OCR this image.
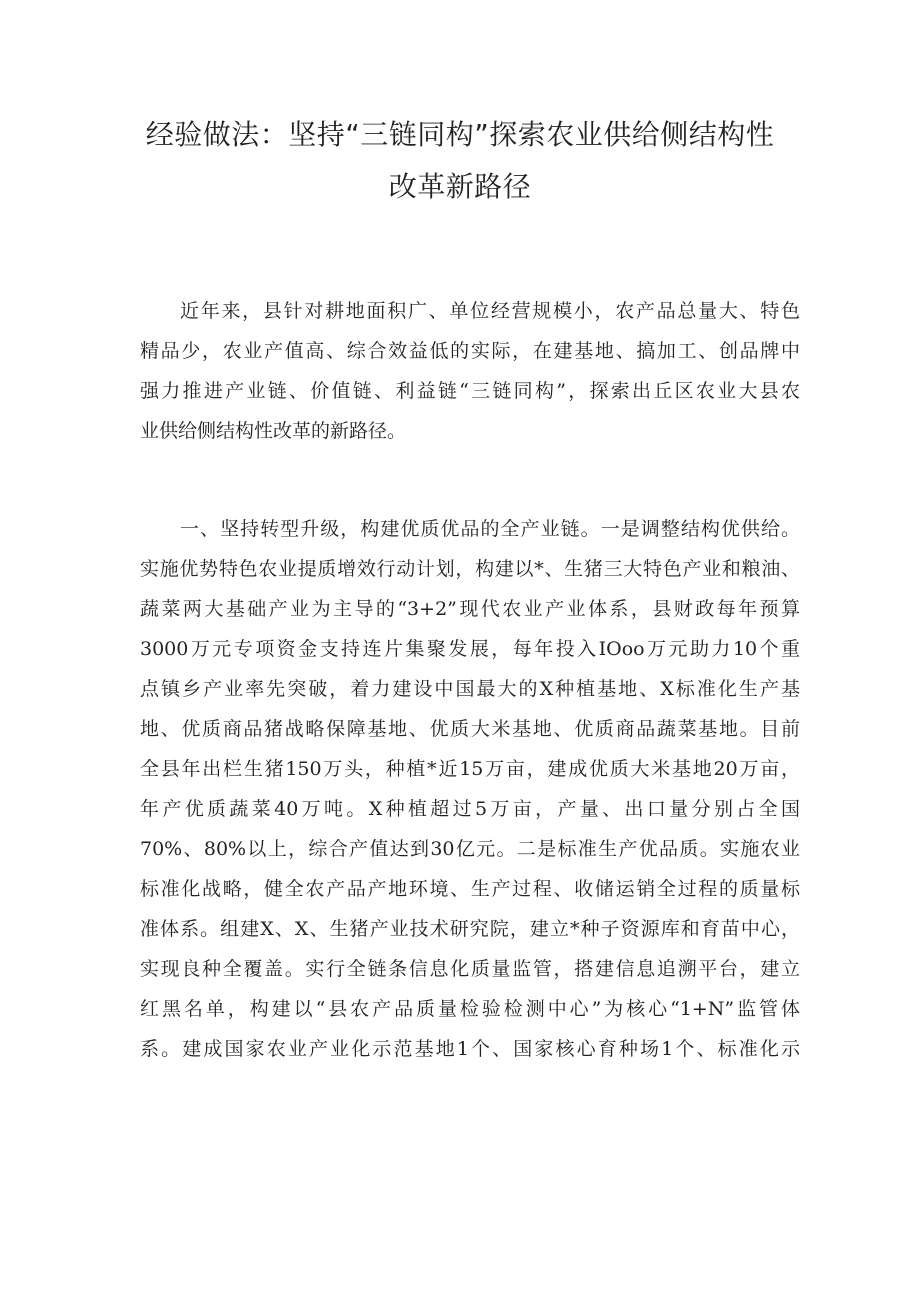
经验做法：坚持“三链同构”探索农业供给侧结构性
改革新路径
近年来，县针对耕地面积广、单位经营规模小，农产品总量大、特色
精品少，农业产值高、综合效益低的实际，在建基地、搞加工、创品牌中
强力推进产业链、价值链、利益链“三链同构”，探索出丘区农业大县农
业供给侧结构性改革的新路径。
一、坚持转型升级，构建优质优品的全产业链。一是调整结构优供给。
实施优势特色农业提质增效行动计划，构建以*、生猪三大特色产业和粮油、
蔬菜两大基础产业为主导的“3+2”现代农业产业体系，县财政每年预算
3000万元专项资金支持连片集聚发展，每年投入IOoo万元助力10个重
点镇乡产业率先突破，着力建设中国最大的X种植基地、X标准化生产基
地、优质商品猪战略保障基地、优质大米基地、优质商品蔬菜基地。目前
全县年出栏生猪150万头，种植*近15万亩，建成优质大米基地20万亩，
年产优质蔬菜40万吨。X种植超过5万亩，产量、出口量分别占全国
70%、80%以上，综合产值达到30亿元。二是标准生产优品质。实施农业
标准化战略，健全农产品产地环境、生产过程、收储运销全过程的质量标
准体系。组建X、X、生猪产业技术研究院，建立*种子资源库和育苗中心，
实现良种全覆盖。实行全链条信息化质量监管，搭建信息追溯平台，建立
红黑名单，构建以“县农产品质量检验检测中心”为核心“1+N”监管体
系。建成国家农业产业化示范基地1个、国家核心育种场1个、标准化示
